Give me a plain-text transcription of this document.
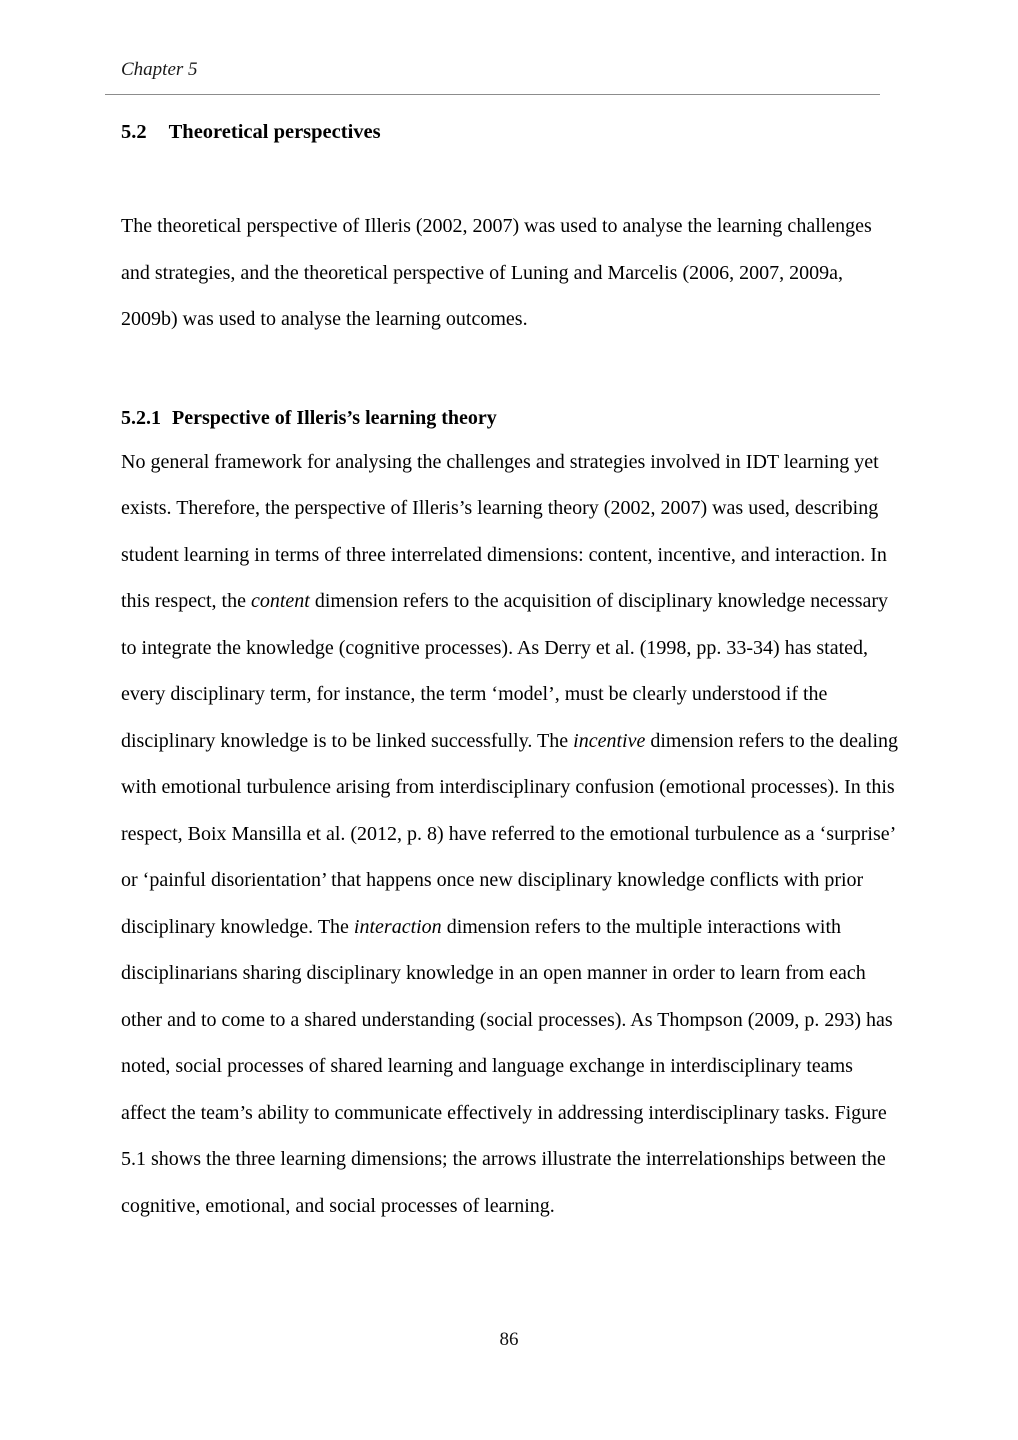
Chapter 5
5.2 Theoretical perspectives

The theoretical perspective of Illeris (2002, 2007) was used to analyse the learning challenges and strategies, and the theoretical perspective of Luning and Marcelis (2006, 2007, 2009a, 2009b) was used to analyse the learning outcomes.

5.2.1 Perspective of Illeris’s learning theory

No general framework for analysing the challenges and strategies involved in IDT learning yet exists. Therefore, the perspective of Illeris’s learning theory (2002, 2007) was used, describing student learning in terms of three interrelated dimensions: content, incentive, and interaction. In this respect, the content dimension refers to the acquisition of disciplinary knowledge necessary to integrate the knowledge (cognitive processes). As Derry et al. (1998, pp. 33-34) has stated, every disciplinary term, for instance, the term ‘model’, must be clearly understood if the disciplinary knowledge is to be linked successfully. The incentive dimension refers to the dealing with emotional turbulence arising from interdisciplinary confusion (emotional processes). In this respect, Boix Mansilla et al. (2012, p. 8) have referred to the emotional turbulence as a ‘surprise’ or ‘painful disorientation’ that happens once new disciplinary knowledge conflicts with prior disciplinary knowledge. The interaction dimension refers to the multiple interactions with disciplinarians sharing disciplinary knowledge in an open manner in order to learn from each other and to come to a shared understanding (social processes). As Thompson (2009, p. 293) has noted, social processes of shared learning and language exchange in interdisciplinary teams affect the team’s ability to communicate effectively in addressing interdisciplinary tasks. Figure 5.1 shows the three learning dimensions; the arrows illustrate the interrelationships between the cognitive, emotional, and social processes of learning.

86
